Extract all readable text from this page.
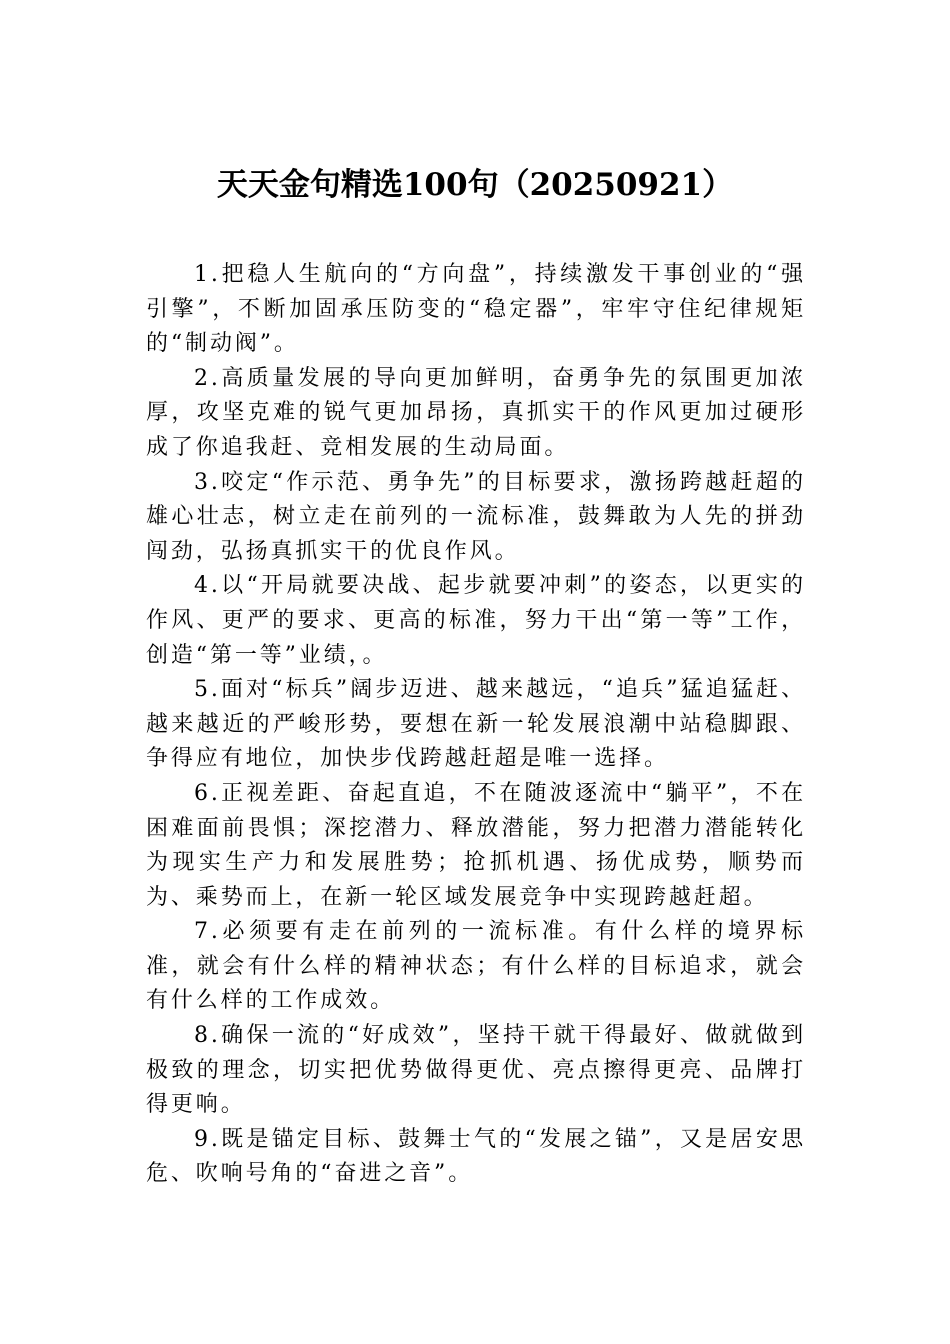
天天金句精选100句（20250921）

1.把稳人生航向的“方向盘”，持续激发干事创业的“强引擎”，不断加固承压防变的“稳定器”，牢牢守住纪律规矩的“制动阀”。

2.高质量发展的导向更加鲜明，奋勇争先的氛围更加浓厚，攻坚克难的锐气更加昂扬，真抓实干的作风更加过硬形成了你追我赶、竞相发展的生动局面。

3.咬定“作示范、勇争先”的目标要求，激扬跨越赶超的雄心壮志，树立走在前列的一流标准，鼓舞敢为人先的拼劲闯劲，弘扬真抓实干的优良作风。

4.以“开局就要决战、起步就要冲刺”的姿态，以更实的作风、更严的要求、更高的标准，努力干出“第一等”工作，创造“第一等”业绩，。

5.面对“标兵”阔步迈进、越来越远，“追兵”猛追猛赶、越来越近的严峻形势，要想在新一轮发展浪潮中站稳脚跟、争得应有地位，加快步伐跨越赶超是唯一选择。

6.正视差距、奋起直追，不在随波逐流中“躺平”，不在困难面前畏惧；深挖潜力、释放潜能，努力把潜力潜能转化为现实生产力和发展胜势；抢抓机遇、扬优成势，顺势而为、乘势而上，在新一轮区域发展竞争中实现跨越赶超。

7.必须要有走在前列的一流标准。有什么样的境界标准，就会有什么样的精神状态；有什么样的目标追求，就会有什么样的工作成效。

8.确保一流的“好成效”，坚持干就干得最好、做就做到极致的理念，切实把优势做得更优、亮点擦得更亮、品牌打得更响。

9.既是锚定目标、鼓舞士气的“发展之锚”，又是居安思危、吹响号角的“奋进之音”。
